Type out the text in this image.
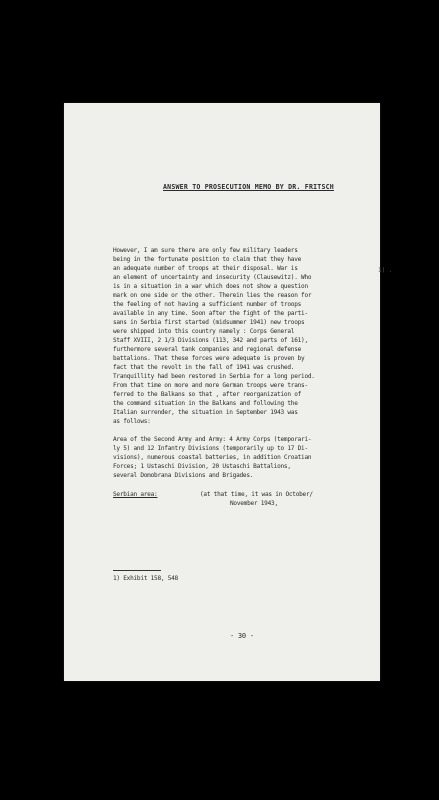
ANSWER TO PROSECUTION MEMO BY DR. FRITSCH
However, I am sure there are only few military leaders
being in the fortunate position to claim that they have
an adequate number of troops at their disposal. War is
an element of uncertainty and insecurity (Clausewitz). Who
is in a situation in a war which does not show a question
mark on one side or the other. Therein lies the reason for
the feeling of not having a sufficient number of troops
available in any time. Soon after the fight of the parti-
sans in Serbia first started (midsummer 1941) new troops
were shipped into this country namely : Corps General
Staff XVIII, 2 1/3 Divisions (113, 342 and parts of 161),
furthermore several tank companies and regional defense
battalions. That these forces were adequate is proven by
fact that the revolt in the fall of 1941 was crushed.
Tranquillity had been restored in Serbia for a long period.
From that time on more and more German troops were trans-
ferred to the Balkans so that , after reorganization of
the command situation in the Balkans and following the
Italian surrender, the situation in September 1943 was
as follows:
1) .
Area of the Second Army and Army: 4 Army Corps (temporari-
ly 5) and 12 Infantry Divisions (temporarily up to 17 Di-
visions), numerous coastal batteries, in addition Croatian
Forces; 1 Ustaschi Division, 20 Ustaschi Battalions,
several Domobrana Divisions and Brigades.
Serbian area:	(at that time, it was in October/
November 1943,
1) Exhibit 158, 548
- 30 -
